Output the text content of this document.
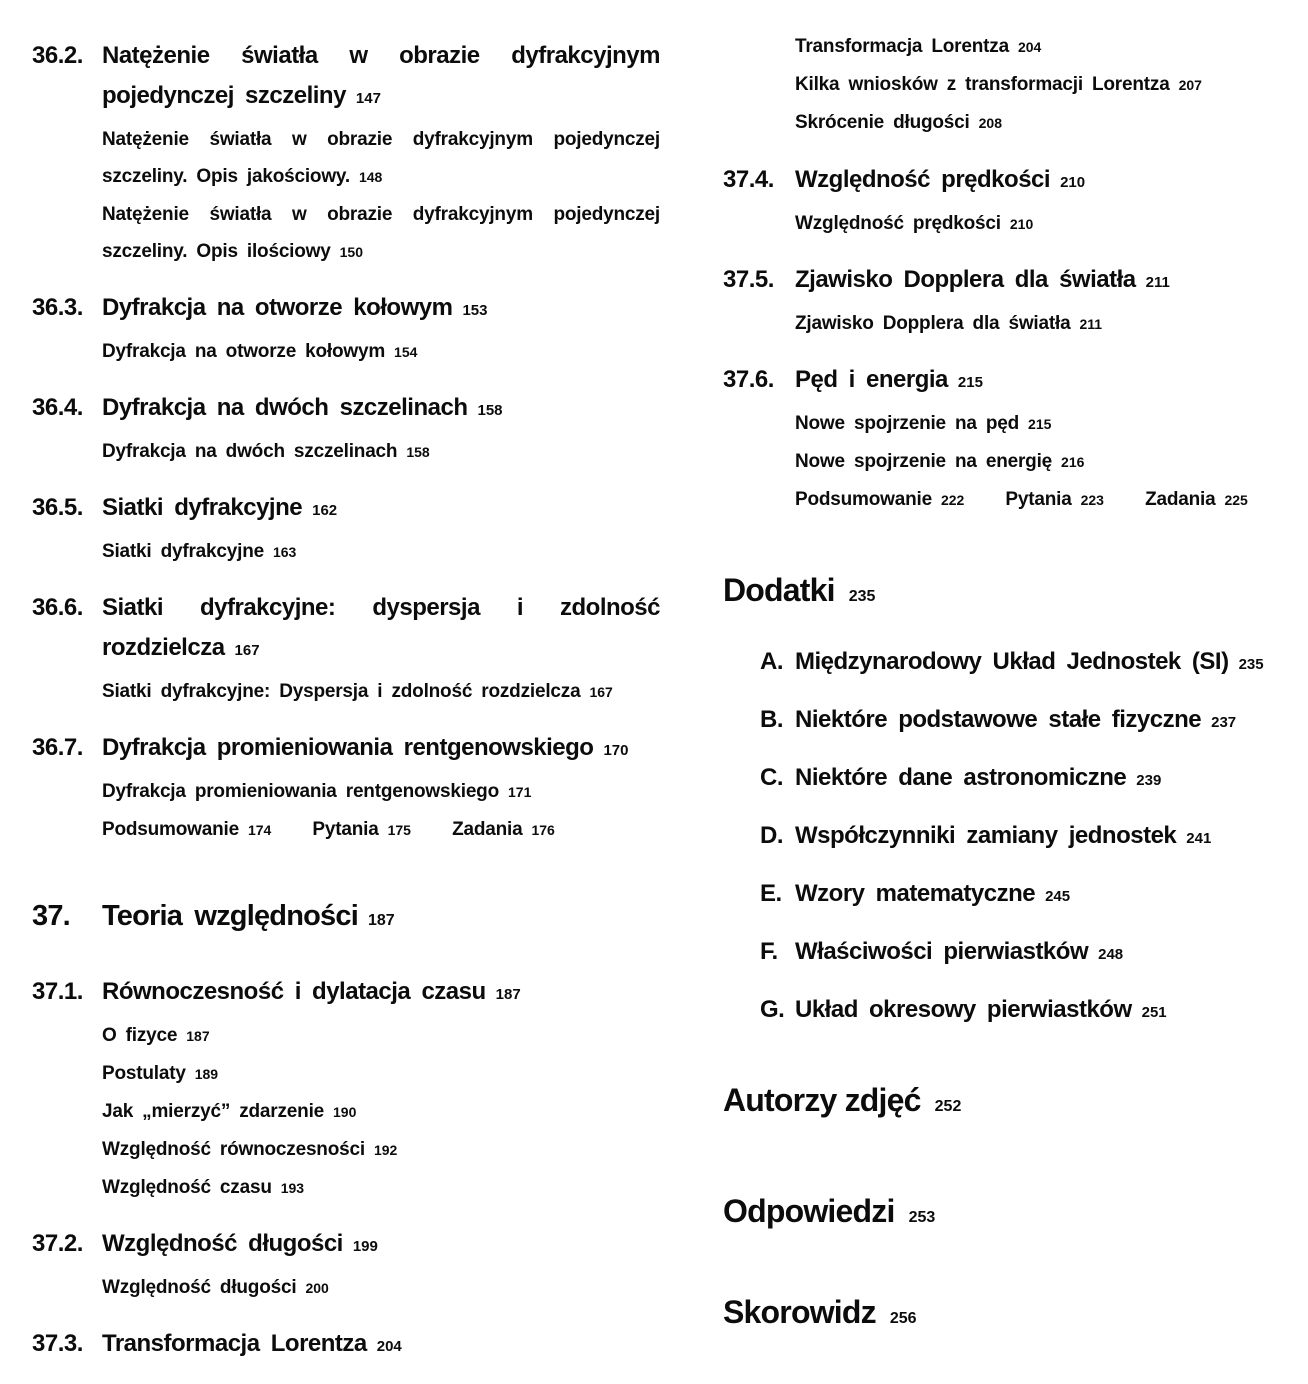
36.2. Natężenie światła w obrazie dyfrakcyjnym pojedynczej szczeliny 147
Natężenie światła w obrazie dyfrakcyjnym pojedynczej szczeliny. Opis jakościowy. 148
Natężenie światła w obrazie dyfrakcyjnym pojedynczej szczeliny. Opis ilościowy 150
36.3. Dyfrakcja na otworze kołowym 153
Dyfrakcja na otworze kołowym 154
36.4. Dyfrakcja na dwóch szczelinach 158
Dyfrakcja na dwóch szczelinach 158
36.5. Siatki dyfrakcyjne 162
Siatki dyfrakcyjne 163
36.6. Siatki dyfrakcyjne: dyspersja i zdolność rozdzielcza 167
Siatki dyfrakcyjne: Dyspersja i zdolność rozdzielcza 167
36.7. Dyfrakcja promieniowania rentgenowskiego 170
Dyfrakcja promieniowania rentgenowskiego 171
Podsumowanie 174 Pytania 175 Zadania 176
37.	Teoria względności 187
37.1. Równoczesność i dylatacja czasu 187
O fizyce 187
Postulaty 189
Jak „mierzyć” zdarzenie 190
Względność równoczesności 192
Względność czasu 193
37.2. Względność długości 199
Względność długości 200
37.3. Transformacja Lorentza 204
Transformacja Lorentza 204
Kilka wniosków z transformacji Lorentza 207
Skrócenie długości 208
37.4. Względność prędkości 210
Względność prędkości 210
37.5. Zjawisko Dopplera dla światła 211
Zjawisko Dopplera dla światła 211
37.6. Pęd i energia 215
Nowe spojrzenie na pęd 215
Nowe spojrzenie na energię 216
Podsumowanie 222 Pytania 223 Zadania 225
Dodatki 235
A. Międzynarodowy Układ Jednostek (SI) 235
B. Niektóre podstawowe stałe fizyczne 237
C. Niektóre dane astronomiczne 239
D. Współczynniki zamiany jednostek 241
E. Wzory matematyczne 245
F. Właściwości pierwiastków 248
G. Układ okresowy pierwiastków 251
Autorzy zdjęć 252
Odpowiedzi 253
Skorowidz 256
